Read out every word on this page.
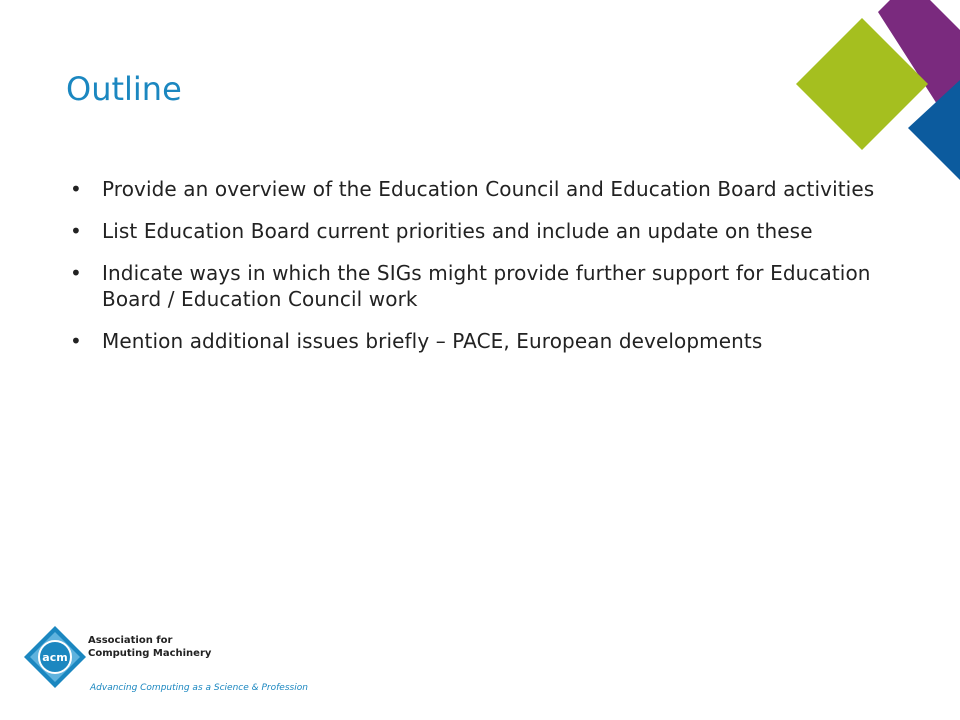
Outline
• Provide an overview of the Education Council and Education Board activities
• List Education Board current priorities and include an update on these
• Indicate ways in which the SIGs might provide further support for Education Board / Education Council work
• Mention additional issues briefly – PACE, European developments
acm
Association for
Computing Machinery
Advancing Computing as a Science & Profession
